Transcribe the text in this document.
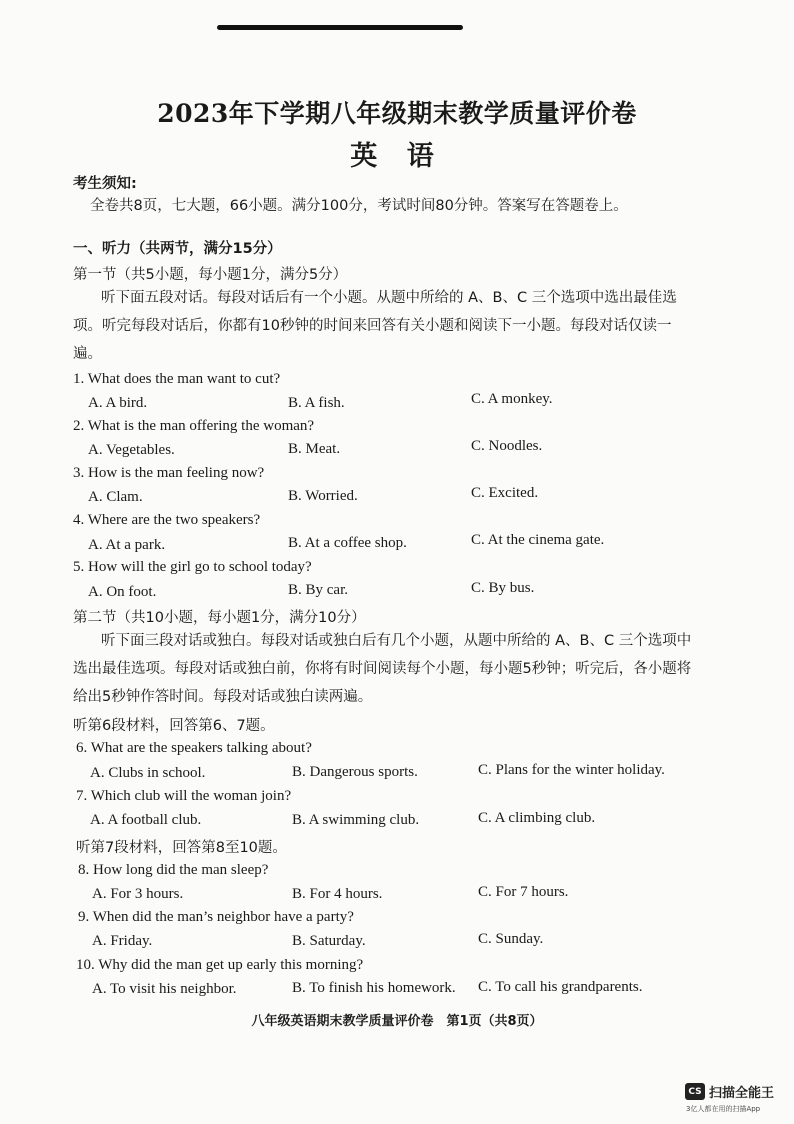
2023年下学期八年级期末教学质量评价卷
英 语
考生须知:
全卷共8页，七大题，66小题。满分100分，考试时间80分钟。答案写在答题卷上。
一、听力（共两节，满分15分）
第一节（共5小题，每小题1分，满分5分）
听下面五段对话。每段对话后有一个小题。从题中所给的 A、B、C 三个选项中选出最佳选项。听完每段对话后，你都有10秒钟的时间来回答有关小题和阅读下一小题。每段对话仅读一遍。
1. What does the man want to cut?
A. A bird.	B. A fish.	C. A monkey.
2. What is the man offering the woman?
A. Vegetables.	B. Meat.	C. Noodles.
3. How is the man feeling now?
A. Clam.	B. Worried.	C. Excited.
4. Where are the two speakers?
A. At a park.	B. At a coffee shop.	C. At the cinema gate.
5. How will the girl go to school today?
A. On foot.	B. By car.	C. By bus.
第二节（共10小题，每小题1分，满分10分）
听下面三段对话或独白。每段对话或独白后有几个小题，从题中所给的 A、B、C 三个选项中选出最佳选项。每段对话或独白前，你将有时间阅读每个小题，每小题5秒钟；听完后，各小题将给出5秒钟作答时间。每段对话或独白读两遍。
听第6段材料，回答第6、7题。
6. What are the speakers talking about?
A. Clubs in school.	B. Dangerous sports.	C. Plans for the winter holiday.
7. Which club will the woman join?
A. A football club.	B. A swimming club.	C. A climbing club.
听第7段材料，回答第8至10题。
8. How long did the man sleep?
A. For 3 hours.	B. For 4 hours.	C. For 7 hours.
9. When did the man’s neighbor have a party?
A. Friday.	B. Saturday.	C. Sunday.
10. Why did the man get up early this morning?
A. To visit his neighbor.	B. To finish his homework. C. To call his grandparents.
八年级英语期末教学质量评价卷　第1页（共8页）
CS 扫描全能王
3亿人都在用的扫描App
